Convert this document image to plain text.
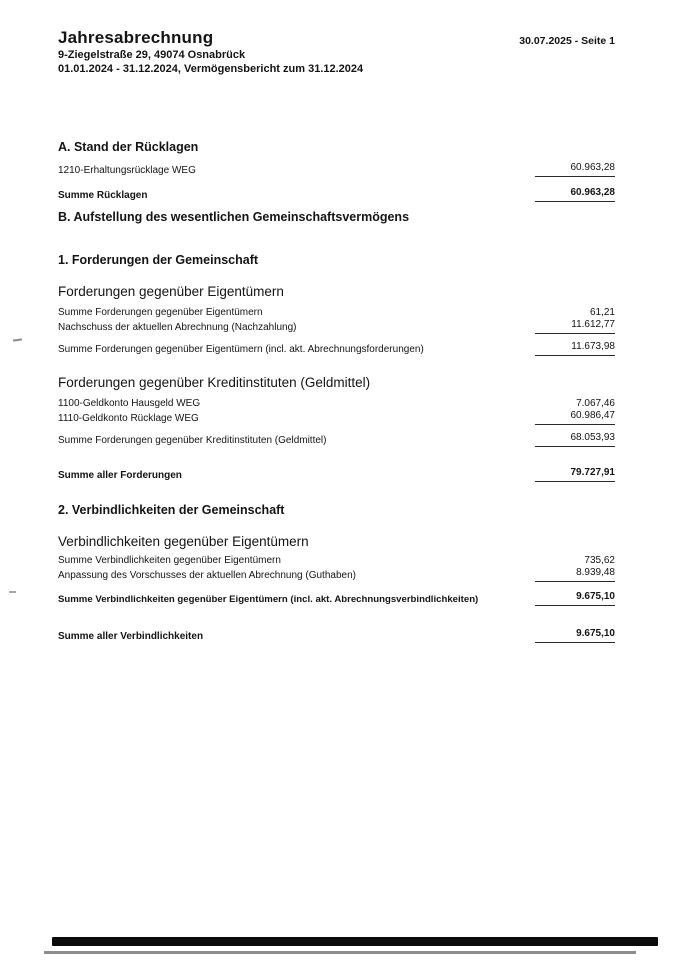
Jahresabrechnung	30.07.2025 - Seite 1
9-Ziegelstraße 29, 49074 Osnabrück
01.01.2024 - 31.12.2024, Vermögensbericht zum 31.12.2024
A. Stand der Rücklagen
1210-Erhaltungsrücklage WEG	60.963,28
Summe Rücklagen	60.963,28
B. Aufstellung des wesentlichen Gemeinschaftsvermögens
1. Forderungen der Gemeinschaft
Forderungen gegenüber Eigentümern
Summe Forderungen gegenüber Eigentümern	61,21
Nachschuss der aktuellen Abrechnung (Nachzahlung)	11.612,77
Summe Forderungen gegenüber Eigentümern (incl. akt. Abrechnungsforderungen)	11.673,98
Forderungen gegenüber Kreditinstituten (Geldmittel)
1100-Geldkonto Hausgeld WEG	7.067,46
1110-Geldkonto Rücklage WEG	60.986,47
Summe Forderungen gegenüber Kreditinstituten (Geldmittel)	68.053,93
Summe aller Forderungen	79.727,91
2. Verbindlichkeiten der Gemeinschaft
Verbindlichkeiten gegenüber Eigentümern
Summe Verbindlichkeiten gegenüber Eigentümern	735,62
Anpassung des Vorschusses der aktuellen Abrechnung (Guthaben)	8.939,48
Summe Verbindlichkeiten gegenüber Eigentümern (incl. akt. Abrechnungsverbindlichkeiten)	9.675,10
Summe aller Verbindlichkeiten	9.675,10
